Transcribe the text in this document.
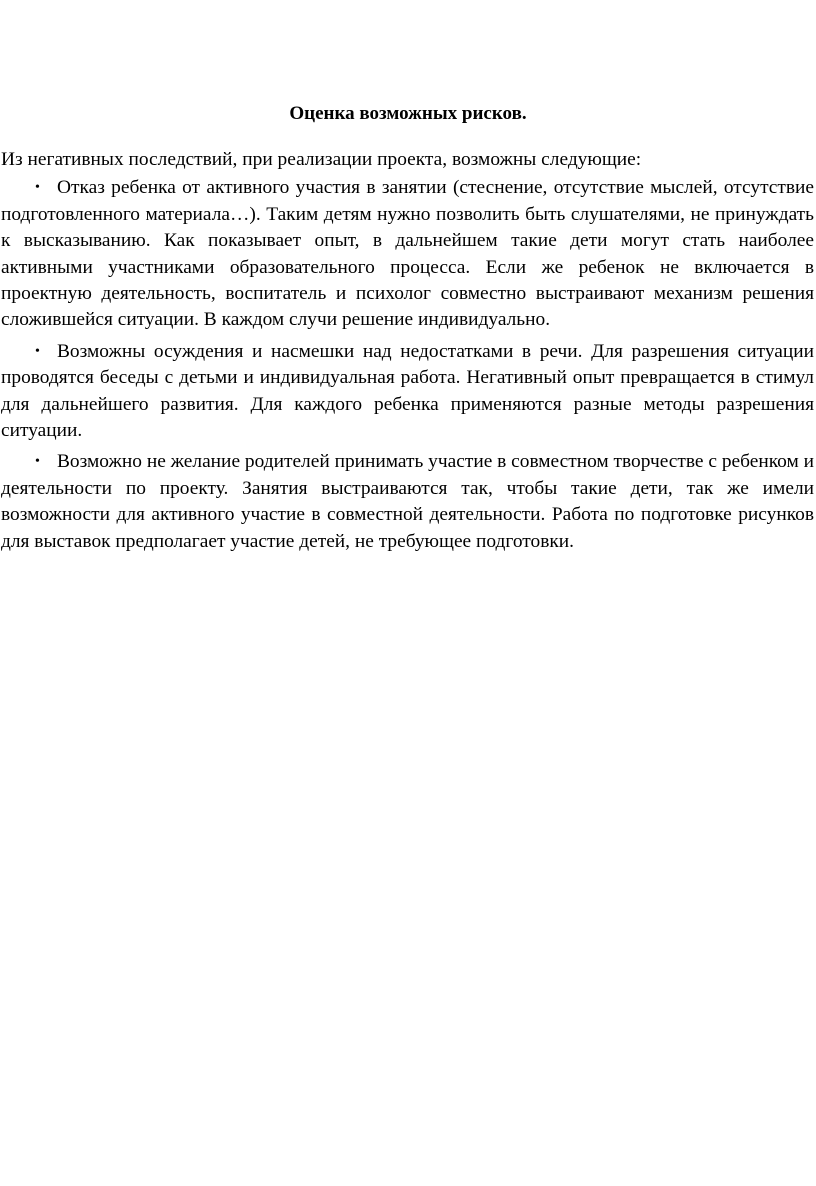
Оценка возможных рисков.

Из негативных последствий, при реализации проекта, возможны следующие:

• Отказ ребенка от активного участия в занятии (стеснение, отсутствие мыслей, отсутствие подготовленного материала…). Таким детям нужно позволить быть слушателями, не принуждать к высказыванию. Как показывает опыт, в дальнейшем такие дети могут стать наиболее активными участниками образовательного процесса. Если же ребенок не включается в проектную деятельность, воспитатель и психолог совместно выстраивают механизм решения сложившейся ситуации. В каждом случи решение индивидуально.
• Возможны осуждения и насмешки над недостатками в речи. Для разрешения ситуации проводятся беседы с детьми и индивидуальная работа. Негативный опыт превращается в стимул для дальнейшего развития. Для каждого ребенка применяются разные методы разрешения ситуации.
• Возможно не желание родителей принимать участие в совместном творчестве с ребенком и деятельности по проекту. Занятия выстраиваются так, чтобы такие дети, так же имели возможности для активного участие в совместной деятельности. Работа по подготовке рисунков для выставок предполагает участие детей, не требующее подготовки.
